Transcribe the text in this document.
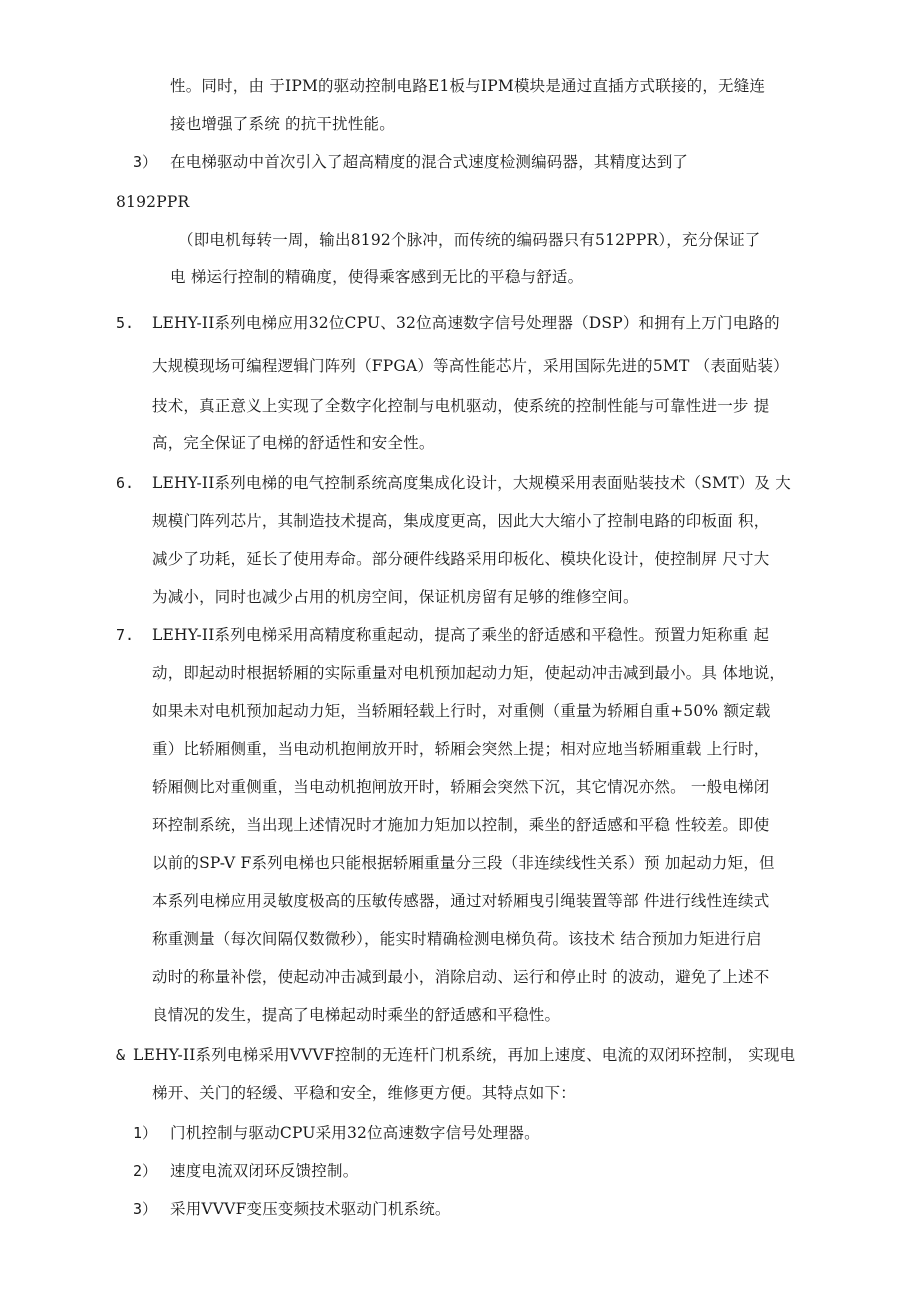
性。同时，由 于IPM的驱动控制电路E1板与IPM模块是通过直插方式联接的，无缝连
接也增强了系统 的抗干扰性能。
3） 在电梯驱动中首次引入了超高精度的混合式速度检测编码器，其精度达到了
8192PPR
（即电机每转一周，输出8192个脉冲，而传统的编码器只有512PPR），充分保证了
电 梯运行控制的精确度，使得乘客感到无比的平稳与舒适。
5. LEHY-II系列电梯应用32位CPU、32位高速数字信号处理器（DSP）和拥有上万门电路的
大规模现场可编程逻辑门阵列（FPGA）等高性能芯片，采用国际先进的5MT （表面贴装）
技术，真正意义上实现了全数字化控制与电机驱动，使系统的控制性能与可靠性进一步 提
高，完全保证了电梯的舒适性和安全性。
6. LEHY-II系列电梯的电气控制系统高度集成化设计，大规模采用表面贴装技术（SMT）及 大
规模门阵列芯片，其制造技术提高，集成度更高，因此大大缩小了控制电路的印板面 积，
减少了功耗，延长了使用寿命。部分硬件线路采用印板化、模块化设计，使控制屏 尺寸大
为减小，同时也减少占用的机房空间，保证机房留有足够的维修空间。
7. LEHY-II系列电梯采用高精度称重起动，提高了乘坐的舒适感和平稳性。预置力矩称重 起
动，即起动时根据轿厢的实际重量对电机预加起动力矩，使起动冲击减到最小。具 体地说，
如果未对电机预加起动力矩，当轿厢轻载上行时，对重侧（重量为轿厢自重+50% 额定载
重）比轿厢侧重，当电动机抱闸放开时，轿厢会突然上提；相对应地当轿厢重载 上行时，
轿厢侧比对重侧重，当电动机抱闸放开时，轿厢会突然下沉，其它情况亦然。 一般电梯闭
环控制系统，当出现上述情况时才施加力矩加以控制，乘坐的舒适感和平稳 性较差。即使
以前的SP-V F系列电梯也只能根据轿厢重量分三段（非连续线性关系）预 加起动力矩，但
本系列电梯应用灵敏度极高的压敏传感器，通过对轿厢曳引绳装置等部 件进行线性连续式
称重测量（每次间隔仅数微秒），能实时精确检测电梯负荷。该技术 结合预加力矩进行启
动时的称量补偿，使起动冲击减到最小，消除启动、运行和停止时 的波动，避免了上述不
良情况的发生，提高了电梯起动时乘坐的舒适感和平稳性。
& LEHY-II系列电梯采用VVVF控制的无连杆门机系统，再加上速度、电流的双闭环控制， 实现电
梯开、关门的轻缓、平稳和安全，维修更方便。其特点如下：
1） 门机控制与驱动CPU采用32位高速数字信号处理器。
2） 速度电流双闭环反馈控制。
3） 采用VVVF变压变频技术驱动门机系统。
